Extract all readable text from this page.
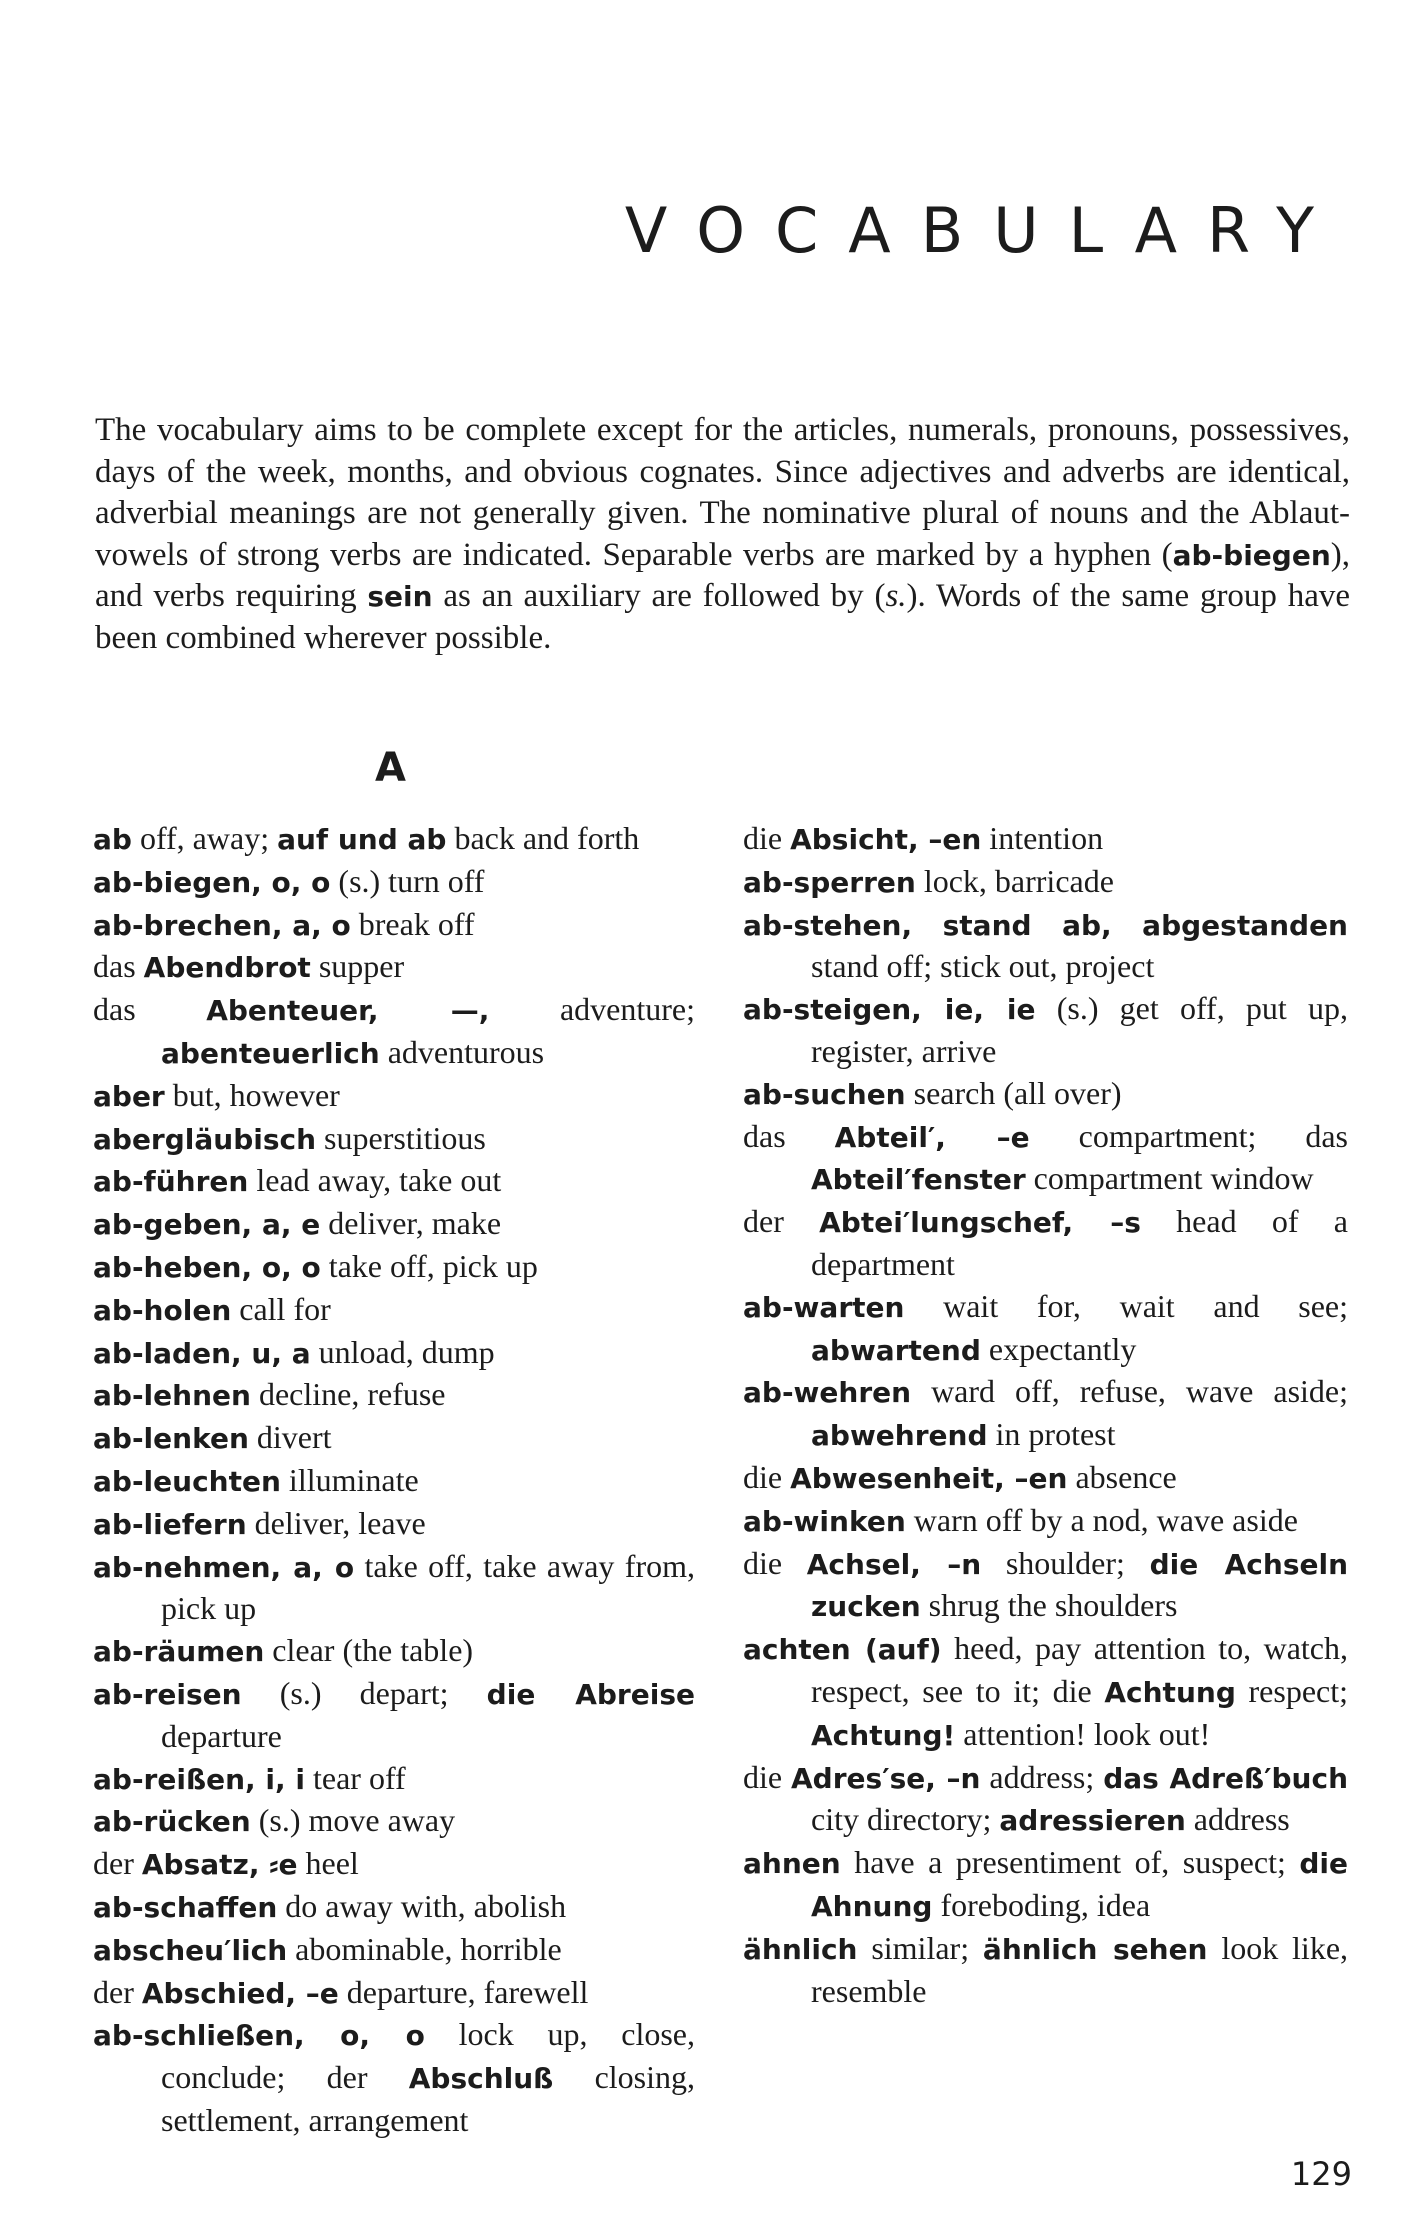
VOCABULARY

The vocabulary aims to be complete except for the articles, numerals, pronouns, possessives, days of the week, months, and obvious cognates. Since adjectives and adverbs are identical, adverbial meanings are not generally given. The nominative plural of nouns and the Ablaut-vowels of strong verbs are indicated. Separable verbs are marked by a hyphen (ab-biegen), and verbs requiring sein as an auxiliary are followed by (s.). Words of the same group have been combined wherever possible.

A

ab off, away; auf und ab back and forth

ab-biegen, o, o (s.) turn off

ab-brechen, a, o break off

das Abendbrot supper

das Abenteuer, —, adventure; abenteuerlich adventurous

aber but, however

abergläubisch superstitious

ab-führen lead away, take out

ab-geben, a, e deliver, make

ab-heben, o, o take off, pick up

ab-holen call for

ab-laden, u, a unload, dump

ab-lehnen decline, refuse

ab-lenken divert

ab-leuchten illuminate

ab-liefern deliver, leave

ab-nehmen, a, o take off, take away from, pick up

ab-räumen clear (the table)

ab-reisen (s.) depart; die Abreise departure

ab-reißen, i, i tear off

ab-rücken (s.) move away

der Absatz, ⸗e heel

ab-schaffen do away with, abolish

abscheu′lich abominable, horrible

der Abschied, –e departure, farewell

ab-schließen, o, o lock up, close, conclude; der Abschluß closing, settlement, arrangement

die Absicht, –en intention

ab-sperren lock, barricade

ab-stehen, stand ab, abgestanden stand off; stick out, project

ab-steigen, ie, ie (s.) get off, put up, register, arrive

ab-suchen search (all over)

das Abteil′, –e compartment; das Abteil′fenster compartment window

der Abtei′lungschef, –s head of a department

ab-warten wait for, wait and see; abwartend expectantly

ab-wehren ward off, refuse, wave aside; abwehrend in protest

die Abwesenheit, –en absence

ab-winken warn off by a nod, wave aside

die Achsel, –n shoulder; die Achseln zucken shrug the shoulders

achten (auf) heed, pay attention to, watch, respect, see to it; die Achtung respect; Achtung! attention! look out!

die Adres′se, –n address; das Adreß′buch city directory; adressieren address

ahnen have a presentiment of, suspect; die Ahnung foreboding, idea

ähnlich similar; ähnlich sehen look like, resemble

129
